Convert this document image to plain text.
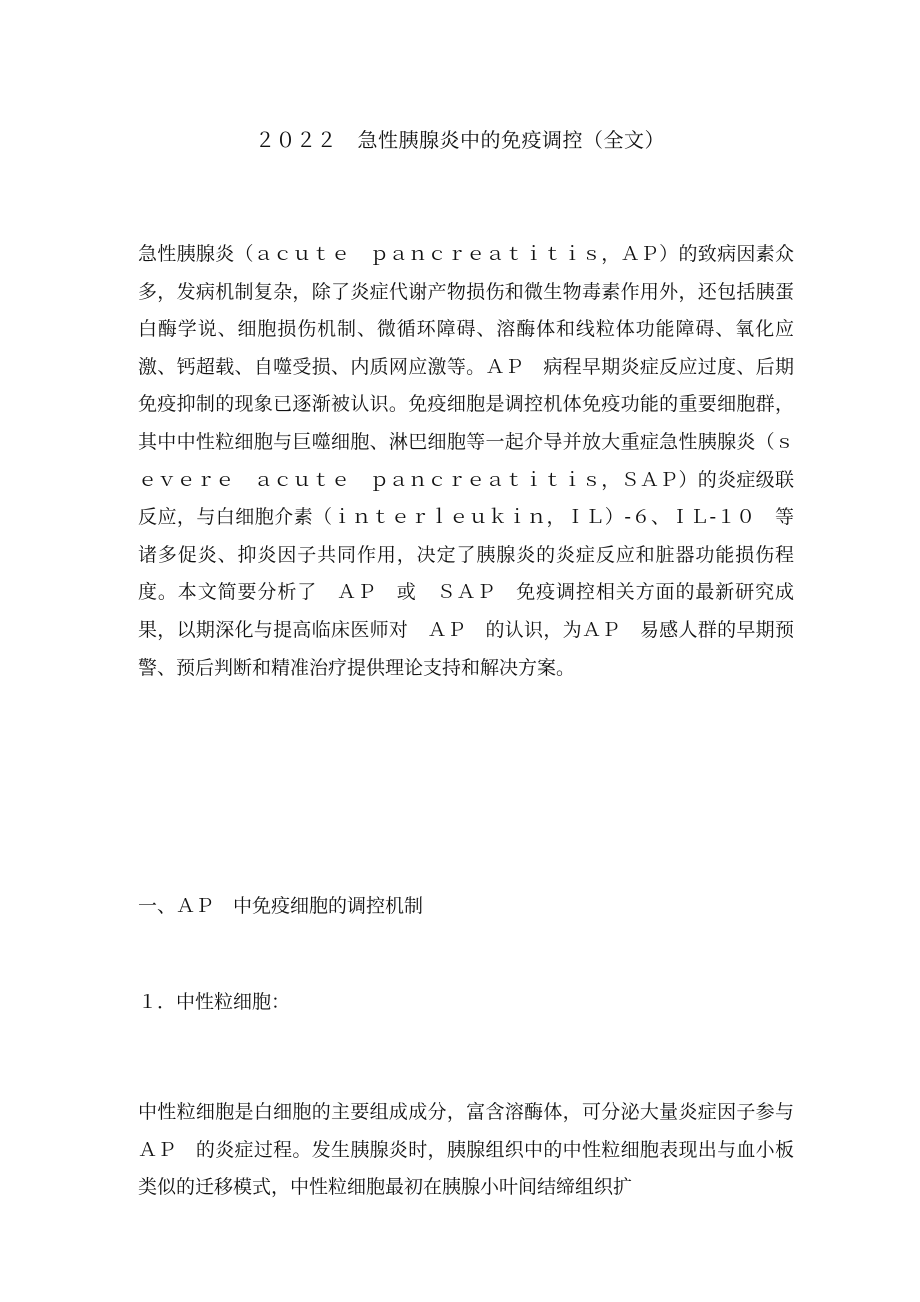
２０２２　急性胰腺炎中的免疫调控（全文）

急性胰腺炎（ａｃｕｔｅ　ｐａｎｃｒｅａｔｉｔｉｓ，ＡＰ）的致病因素众多，发病机制复杂，除了炎症代谢产物损伤和微生物毒素作用外，还包括胰蛋白酶学说、细胞损伤机制、微循环障碍、溶酶体和线粒体功能障碍、氧化应激、钙超载、自噬受损、内质网应激等。ＡＰ　病程早期炎症反应过度、后期免疫抑制的现象已逐渐被认识。免疫细胞是调控机体免疫功能的重要细胞群，其中中性粒细胞与巨噬细胞、淋巴细胞等一起介导并放大重症急性胰腺炎（ｓｅｖｅｒｅ　ａｃｕｔｅ　ｐａｎｃｒｅａｔｉｔｉｓ，ＳＡＰ）的炎症级联反应，与白细胞介素（ｉｎｔｅｒｌｅｕｋｉｎ，ＩＬ）-６、ＩＬ-１０　等诸多促炎、抑炎因子共同作用，决定了胰腺炎的炎症反应和脏器功能损伤程度。本文简要分析了　ＡＰ　或　ＳＡＰ　免疫调控相关方面的最新研究成果，以期深化与提高临床医师对　ＡＰ　的认识，为ＡＰ　易感人群的早期预警、预后判断和精准治疗提供理论支持和解决方案。

一、ＡＰ　中免疫细胞的调控机制
１．中性粒细胞：

中性粒细胞是白细胞的主要组成成分，富含溶酶体，可分泌大量炎症因子参与　ＡＰ　的炎症过程。发生胰腺炎时，胰腺组织中的中性粒细胞表现出与血小板类似的迁移模式，中性粒细胞最初在胰腺小叶间结缔组织扩
